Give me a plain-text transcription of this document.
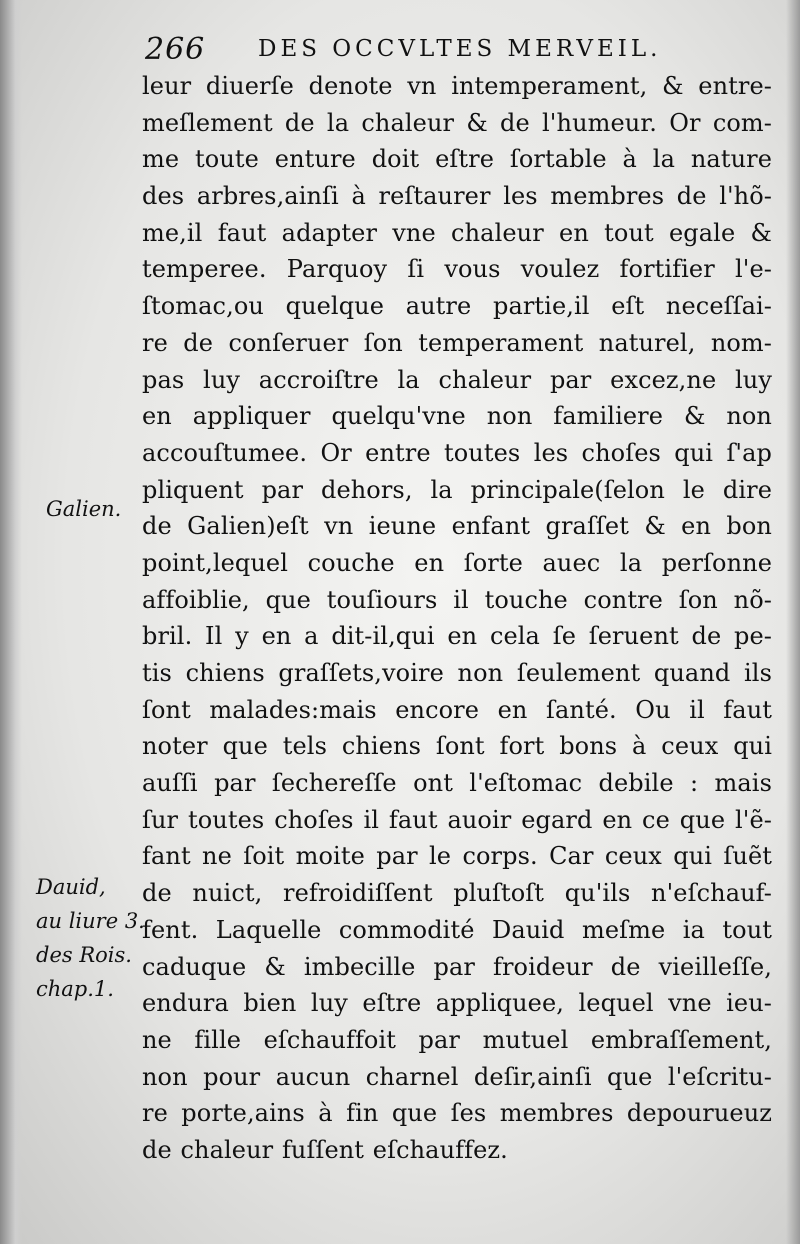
266 DES OCCVLTES MERVEIL.
leur diuerſe denote vn intemperament, & entre-
meſlement de la chaleur & de l'humeur. Or com-
me toute enture doit eſtre ſortable à la nature
des arbres,ainſi à reſtaurer les membres de l'hõ-
me,il faut adapter vne chaleur en tout egale &
temperee. Parquoy ſi vous voulez fortifier l'e-
ſtomac,ou quelque autre partie,il eſt neceſſai-
re de conſeruer ſon temperament naturel, nom-
pas luy accroiſtre la chaleur par excez,ne luy
en appliquer quelqu'vne non familiere & non
accouſtumee. Or entre toutes les choſes qui ſ'ap
pliquent par dehors, la principale(ſelon le dire
de Galien)eſt vn ieune enfant graſſet & en bon
point,lequel couche en ſorte auec la perſonne
affoiblie, que touſiours il touche contre ſon nõ-
bril. Il y en a dit-il,qui en cela ſe ſeruent de pe-
tis chiens graſſets,voire non ſeulement quand ils
ſont malades:mais encore en ſanté. Ou il faut
noter que tels chiens ſont fort bons à ceux qui
auſſi par ſechereſſe ont l'eſtomac debile : mais
ſur toutes choſes il faut auoir egard en ce que l'ẽ-
fant ne ſoit moite par le corps. Car ceux qui ſuẽt
de nuict, refroidiſſent pluſtoſt qu'ils n'eſchauf-
fent. Laquelle commodité Dauid meſme ia tout
caduque & imbecille par froideur de vieilleſſe,
endura bien luy eſtre appliquee, lequel vne ieu-
ne fille eſchauffoit par mutuel embraſſement,
non pour aucun charnel deſir,ainſi que l'eſcritu-
re porte,ains à fin que ſes membres depourueuz
de chaleur fuſſent eſchauffez.
Galien.
Dauid,
au liure 3.
des Rois.
chap.1.
